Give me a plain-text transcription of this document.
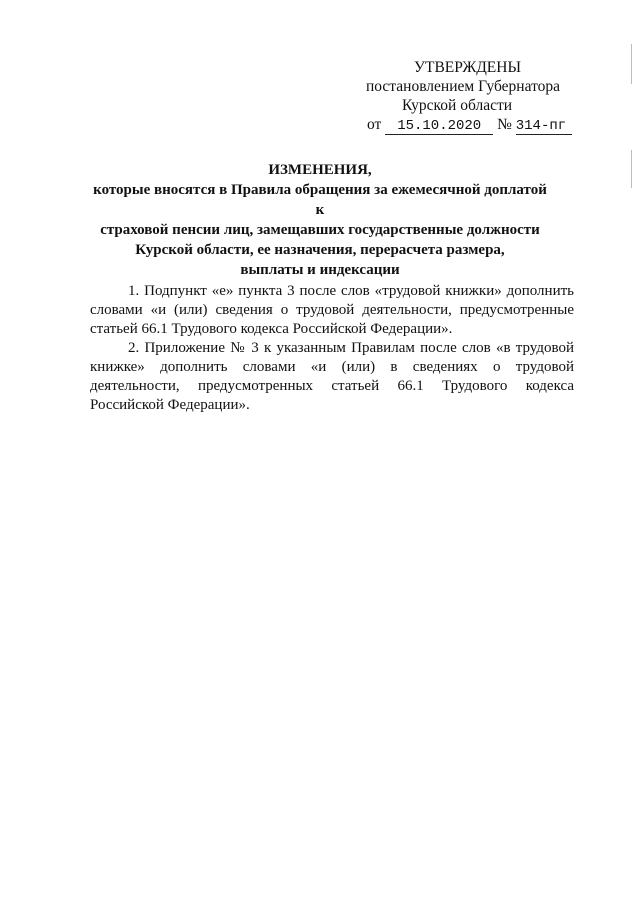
УТВЕРЖДЕНЫ
постановлением Губернатора
Курской области
от 15.10.2020 № 314-пг
ИЗМЕНЕНИЯ,
которые вносятся в Правила обращения за ежемесячной доплатой к
страховой пенсии лиц, замещавших государственные должности
Курской области, ее назначения, перерасчета размера,
выплаты и индексации

1. Подпункт «е» пункта 3 после слов «трудовой книжки» дополнить словами «и (или) сведения о трудовой деятельности, предусмотренные статьей 66.1 Трудового кодекса Российской Федерации».

2. Приложение № 3 к указанным Правилам после слов «в трудовой книжке» дополнить словами «и (или) в сведениях о трудовой деятельности, предусмотренных статьей 66.1 Трудового кодекса Российской Федерации».
